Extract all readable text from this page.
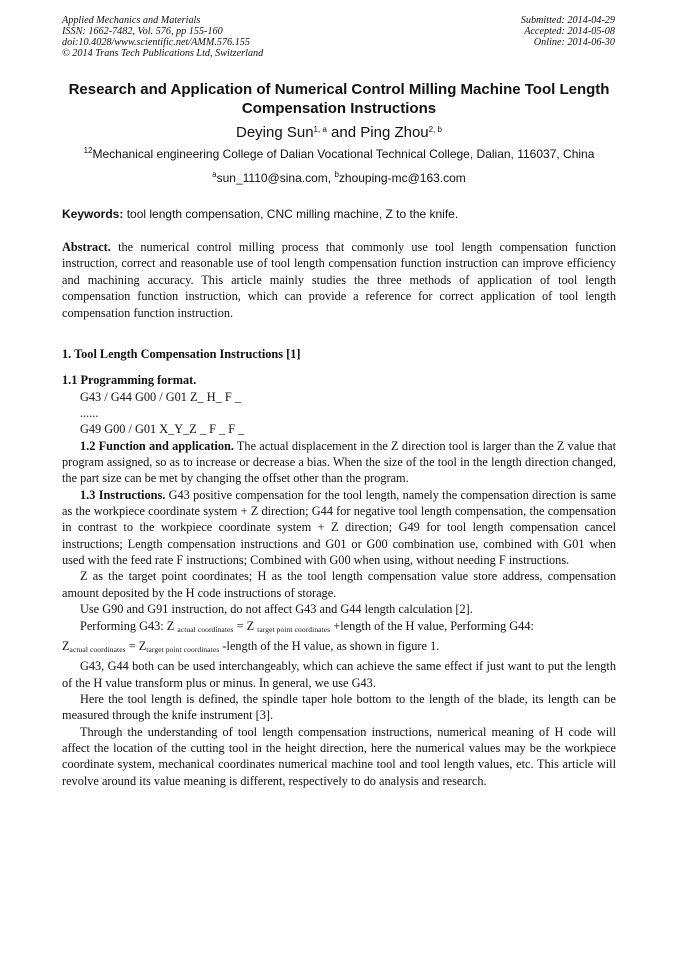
Applied Mechanics and Materials
ISSN: 1662-7482, Vol. 576, pp 155-160
doi:10.4028/www.scientific.net/AMM.576.155
© 2014 Trans Tech Publications Ltd, Switzerland
Submitted: 2014-04-29
Accepted: 2014-05-08
Online: 2014-06-30
Research and Application of Numerical Control Milling Machine Tool Length Compensation Instructions
Deying Sun$^{1, a}$ and Ping Zhou$^{2, b}$
$^{12}$Mechanical engineering College of Dalian Vocational Technical College, Dalian, 116037, China
$^a$sun_1110@sina.com, $^b$zhouping-mc@163.com
Keywords: tool length compensation, CNC milling machine, Z to the knife.
Abstract. the numerical control milling process that commonly use tool length compensation function instruction, correct and reasonable use of tool length compensation function instruction can improve efficiency and machining accuracy. This article mainly studies the three methods of application of tool length compensation function instruction, which can provide a reference for correct application of tool length compensation function instruction.

1. Tool Length Compensation Instructions [1]

1.1 Programming format.

G43 / G44 G00 / G01 Z_ H_ F _

......

G49 G00 / G01 X_Y_Z _ F _ F _

1.2 Function and application. The actual displacement in the Z direction tool is larger than the Z value that program assigned, so as to increase or decrease a bias. When the size of the tool in the length direction changed, the part size can be met by changing the offset other than the program.

1.3 Instructions. G43 positive compensation for the tool length, namely the compensation direction is same as the workpiece coordinate system + Z direction; G44 for negative tool length compensation, the compensation in contrast to the workpiece coordinate system + Z direction; G49 for tool length compensation cancel instructions; Length compensation instructions and G01 or G00 combination use, combined with G01 when used with the feed rate F instructions; Combined with G00 when using, without needing F instructions.

Z as the target point coordinates; H as the tool length compensation value store address, compensation amount deposited by the H code instructions of storage.

Use G90 and G91 instruction, do not affect G43 and G44 length calculation [2].

Performing G43: Z $_{actual coordinates}$ = Z $_{target point coordinates}$ +length of the H value, Performing G44:

$Z_{actual coordinates} = Z_{target point coordinates}$ -length of the H value, as shown in figure 1.

G43, G44 both can be used interchangeably, which can achieve the same effect if just want to put the length of the H value transform plus or minus. In general, we use G43.

Here the tool length is defined, the spindle taper hole bottom to the length of the blade, its length can be measured through the knife instrument [3].

Through the understanding of tool length compensation instructions, numerical meaning of H code will affect the location of the cutting tool in the height direction, here the numerical values may be the workpiece coordinate system, mechanical coordinates numerical machine tool and tool length values, etc. This article will revolve around its value meaning is different, respectively to do analysis and research.
